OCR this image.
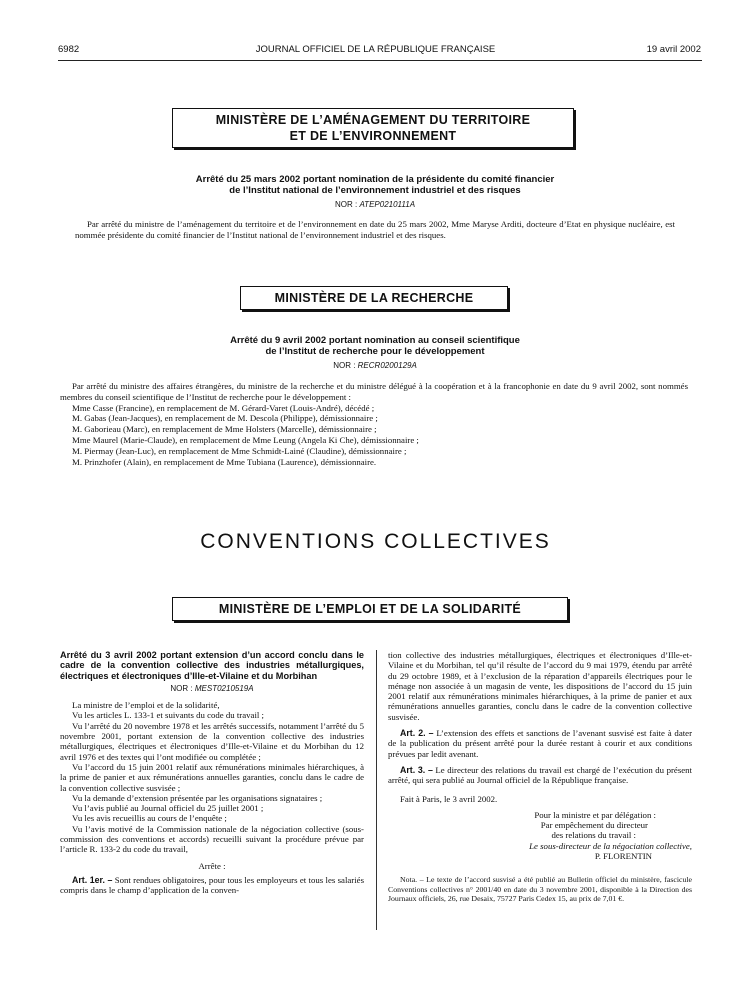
6982	JOURNAL OFFICIEL DE LA RÉPUBLIQUE FRANÇAISE	19 avril 2002
MINISTÈRE DE L’AMÉNAGEMENT DU TERRITOIRE
ET DE L’ENVIRONNEMENT
Arrêté du 25 mars 2002 portant nomination de la présidente du comité financier
de l’Institut national de l’environnement industriel et des risques
NOR : ATEP0210111A

Par arrêté du ministre de l’aménagement du territoire et de l’environnement en date du 25 mars 2002, Mme Maryse Arditi, docteure d’Etat en physique nucléaire, est nommée présidente du comité financier de l’Institut national de l’environnement industriel et des risques.

MINISTÈRE DE LA RECHERCHE
Arrêté du 9 avril 2002 portant nomination au conseil scientifique
de l’Institut de recherche pour le développement
NOR : RECR0200129A

Par arrêté du ministre des affaires étrangères, du ministre de la recherche et du ministre délégué à la coopération et à la francophonie en date du 9 avril 2002, sont nommés membres du conseil scientifique de l’Institut de recherche pour le développement :

Mme Casse (Francine), en remplacement de M. Gérard-Varet (Louis-André), décédé ;

M. Gabas (Jean-Jacques), en remplacement de M. Descola (Philippe), démissionnaire ;

M. Gaborieau (Marc), en remplacement de Mme Holsters (Marcelle), démissionnaire ;

Mme Maurel (Marie-Claude), en remplacement de Mme Leung (Angela Ki Che), démissionnaire ;

M. Piermay (Jean-Luc), en remplacement de Mme Schmidt-Lainé (Claudine), démissionnaire ;

M. Prinzhofer (Alain), en remplacement de Mme Tubiana (Laurence), démissionnaire.

CONVENTIONS COLLECTIVES
MINISTÈRE DE L’EMPLOI ET DE LA SOLIDARITÉ

Arrêté du 3 avril 2002 portant extension d’un accord conclu dans le cadre de la convention collective des industries métallurgiques, électriques et électroniques d’Ille-et-Vilaine et du Morbihan

NOR : MEST0210519A

La ministre de l’emploi et de la solidarité,

Vu les articles L. 133-1 et suivants du code du travail ;

Vu l’arrêté du 20 novembre 1978 et les arrêtés successifs, notamment l’arrêté du 5 novembre 2001, portant extension de la convention collective des industries métallurgiques, électriques et électroniques d’Ille-et-Vilaine et du Morbihan du 12 avril 1976 et des textes qui l’ont modifiée ou complétée ;

Vu l’accord du 15 juin 2001 relatif aux rémunérations minimales hiérarchiques, à la prime de panier et aux rémunérations annuelles garanties, conclu dans le cadre de la convention collective susvisée ;

Vu la demande d’extension présentée par les organisations signataires ;

Vu l’avis publié au Journal officiel du 25 juillet 2001 ;

Vu les avis recueillis au cours de l’enquête ;

Vu l’avis motivé de la Commission nationale de la négociation collective (sous-commission des conventions et accords) recueilli suivant la procédure prévue par l’article R. 133-2 du code du travail,

Arrête :

Art. 1er. – Sont rendues obligatoires, pour tous les employeurs et tous les salariés compris dans le champ d’application de la conven-

tion collective des industries métallurgiques, électriques et électroniques d’Ille-et-Vilaine et du Morbihan, tel qu’il résulte de l’accord du 9 mai 1979, étendu par arrêté du 29 octobre 1989, et à l’exclusion de la réparation d’appareils électriques pour le ménage non associée à un magasin de vente, les dispositions de l’accord du 15 juin 2001 relatif aux rémunérations minimales hiérarchiques, à la prime de panier et aux rémunérations annuelles garanties, conclu dans le cadre de la convention collective susvisée.

Art. 2. – L’extension des effets et sanctions de l’avenant susvisé est faite à dater de la publication du présent arrêté pour la durée restant à courir et aux conditions prévues par ledit avenant.

Art. 3. – Le directeur des relations du travail est chargé de l’exécution du présent arrêté, qui sera publié au Journal officiel de la République française.

Fait à Paris, le 3 avril 2002.

Pour la ministre et par délégation :

Par empêchement du directeur

des relations du travail :

Le sous-directeur de la négociation collective,

P. FLORENTIN

Nota. – Le texte de l’accord susvisé a été publié au Bulletin officiel du ministère, fascicule Conventions collectives n° 2001/40 en date du 3 novembre 2001, disponible à la Direction des Journaux officiels, 26, rue Desaix, 75727 Paris Cedex 15, au prix de 7,01 €.
